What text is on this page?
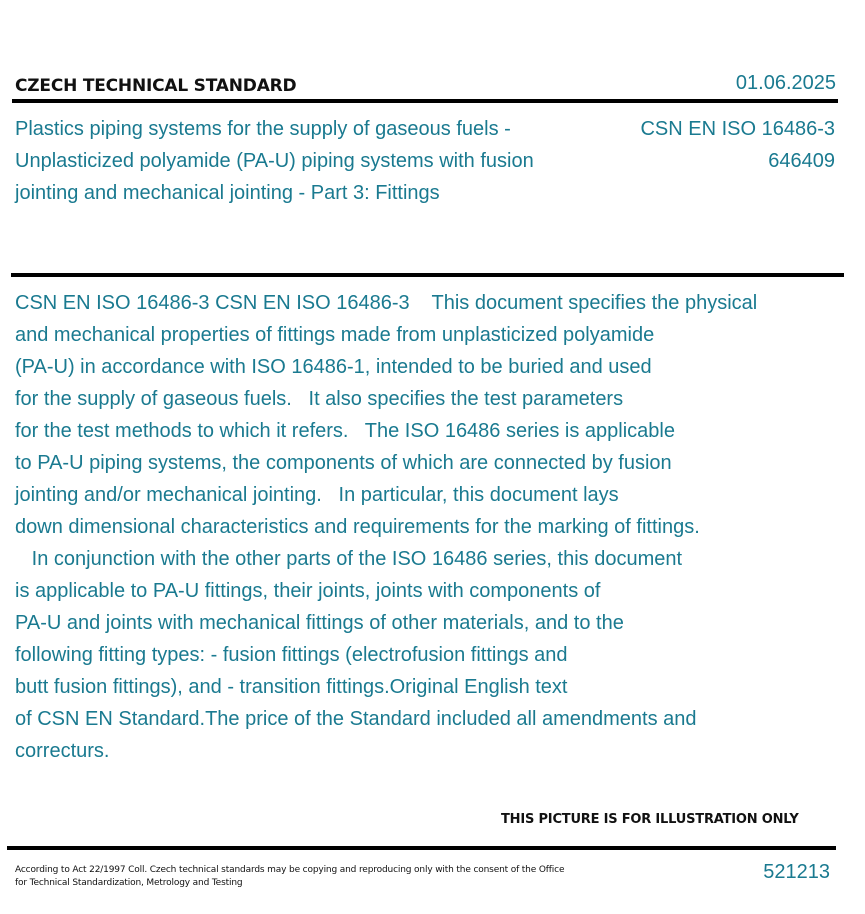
CZECH TECHNICAL STANDARD	01.06.2025
Plastics piping systems for the supply of gaseous fuels - Unplasticized polyamide (PA-U) piping systems with fusion jointing and mechanical jointing - Part 3: Fittings
CSN EN ISO 16486-3
646409
CSN EN ISO 16486-3 CSN EN ISO 16486-3    This document specifies the physical
and mechanical properties of fittings made from unplasticized polyamide
(PA-U) in accordance with ISO 16486-1, intended to be buried and used
for the supply of gaseous fuels.   It also specifies the test parameters
for the test methods to which it refers.   The ISO 16486 series is applicable
to PA-U piping systems, the components of which are connected by fusion
jointing and/or mechanical jointing.   In particular, this document lays
down dimensional characteristics and requirements for the marking of fittings.
In conjunction with the other parts of the ISO 16486 series, this document
is applicable to PA-U fittings, their joints, joints with components of
PA-U and joints with mechanical fittings of other materials, and to the
following fitting types: - fusion fittings (electrofusion fittings and
butt fusion fittings), and - transition fittings.Original English text
of CSN EN Standard.The price of the Standard included all amendments and
correcturs.
THIS PICTURE IS FOR ILLUSTRATION ONLY
According to Act 22/1997 Coll. Czech technical standards may be copying and reproducing only with the consent of the Office
for Technical Standardization, Metrology and Testing	521213
